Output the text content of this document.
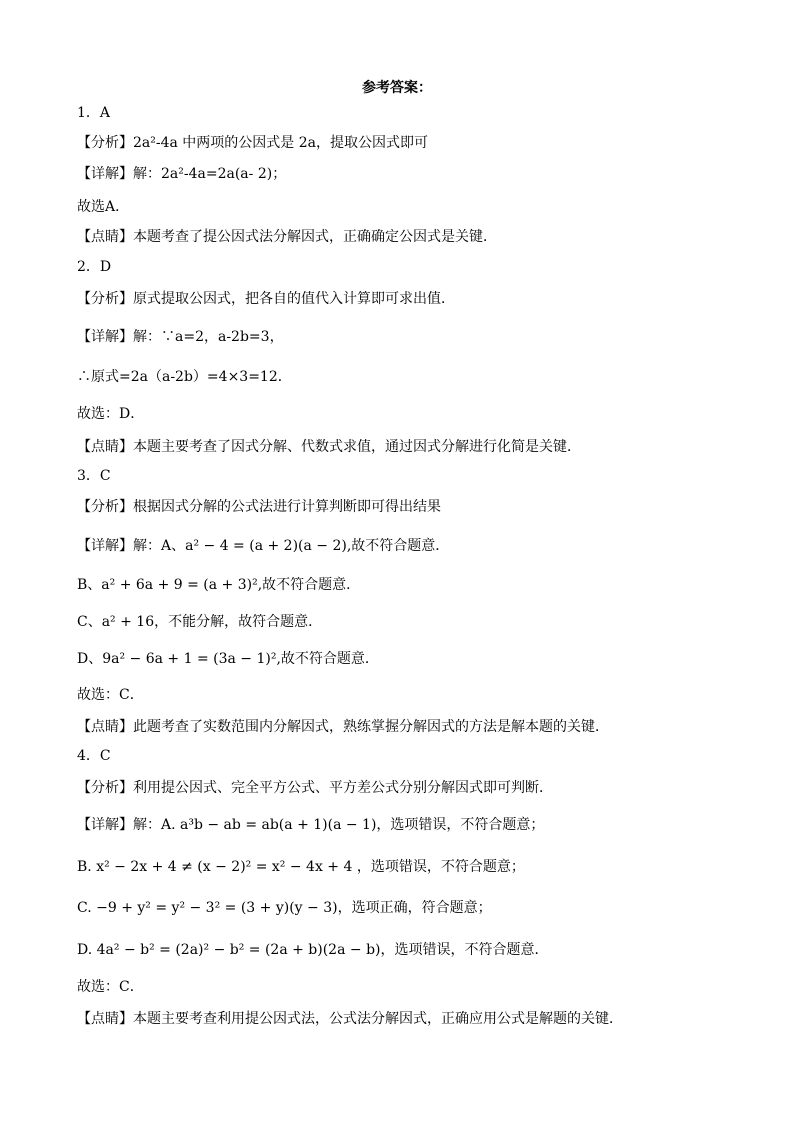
参考答案：
1．A
【分析】2a²-4a 中两项的公因式是 2a，提取公因式即可
【详解】解：2a²-4a=2a(a- 2)；
故选A．
【点睛】本题考查了提公因式法分解因式，正确确定公因式是关键．
2．D
【分析】原式提取公因式，把各自的值代入计算即可求出值．
【详解】解：∵a=2，a-2b=3，
∴原式=2a（a-2b）=4×3=12．
故选：D．
【点睛】本题主要考查了因式分解、代数式求值，通过因式分解进行化简是关键．
3．C
【分析】根据因式分解的公式法进行计算判断即可得出结果
【详解】解：A、a² − 4 = (a + 2)(a − 2),故不符合题意．
B、a² + 6a + 9 = (a + 3)²,故不符合题意．
C、a² + 16，不能分解，故符合题意．
D、9a² − 6a + 1 = (3a − 1)²,故不符合题意．
故选：C．
【点睛】此题考查了实数范围内分解因式，熟练掌握分解因式的方法是解本题的关键．
4．C
【分析】利用提公因式、完全平方公式、平方差公式分别分解因式即可判断．
【详解】解：A. a³b − ab = ab(a + 1)(a − 1)，选项错误，不符合题意；
B. x² − 2x + 4 ≠ (x − 2)² = x² − 4x + 4 ，选项错误，不符合题意；
C. −9 + y² = y² − 3² = (3 + y)(y − 3)，选项正确，符合题意；
D. 4a² − b² = (2a)² − b² = (2a + b)(2a − b)，选项错误，不符合题意．
故选：C．
【点睛】本题主要考查利用提公因式法，公式法分解因式，正确应用公式是解题的关键．
